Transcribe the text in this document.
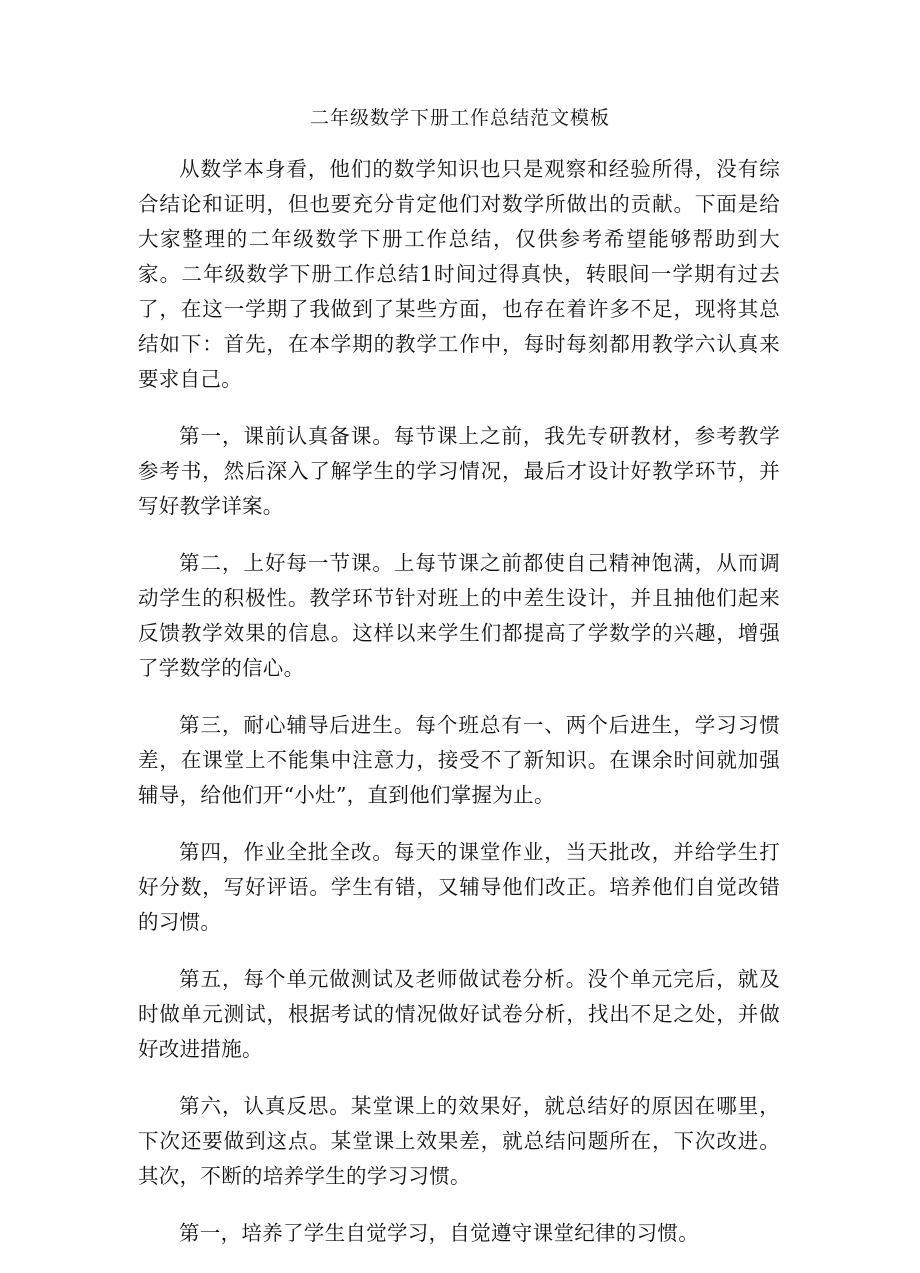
二年级数学下册工作总结范文模板

从数学本身看，他们的数学知识也只是观察和经验所得，没有综合结论和证明，但也要充分肯定他们对数学所做出的贡献。下面是给大家整理的二年级数学下册工作总结，仅供参考希望能够帮助到大家。二年级数学下册工作总结1时间过得真快，转眼间一学期有过去了，在这一学期了我做到了某些方面，也存在着许多不足，现将其总结如下：首先，在本学期的教学工作中，每时每刻都用教学六认真来要求自己。

第一，课前认真备课。每节课上之前，我先专研教材，参考教学参考书，然后深入了解学生的学习情况，最后才设计好教学环节，并写好教学详案。

第二，上好每一节课。上每节课之前都使自己精神饱满，从而调动学生的积极性。教学环节针对班上的中差生设计，并且抽他们起来反馈教学效果的信息。这样以来学生们都提高了学数学的兴趣，增强了学数学的信心。

第三，耐心辅导后进生。每个班总有一、两个后进生，学习习惯差，在课堂上不能集中注意力，接受不了新知识。在课余时间就加强辅导，给他们开“小灶”，直到他们掌握为止。

第四，作业全批全改。每天的课堂作业，当天批改，并给学生打好分数，写好评语。学生有错，又辅导他们改正。培养他们自觉改错的习惯。

第五，每个单元做测试及老师做试卷分析。没个单元完后，就及时做单元测试，根据考试的情况做好试卷分析，找出不足之处，并做好改进措施。

第六，认真反思。某堂课上的效果好，就总结好的原因在哪里，下次还要做到这点。某堂课上效果差，就总结问题所在，下次改进。其次，不断的培养学生的学习习惯。

第一，培养了学生自觉学习，自觉遵守课堂纪律的习惯。
